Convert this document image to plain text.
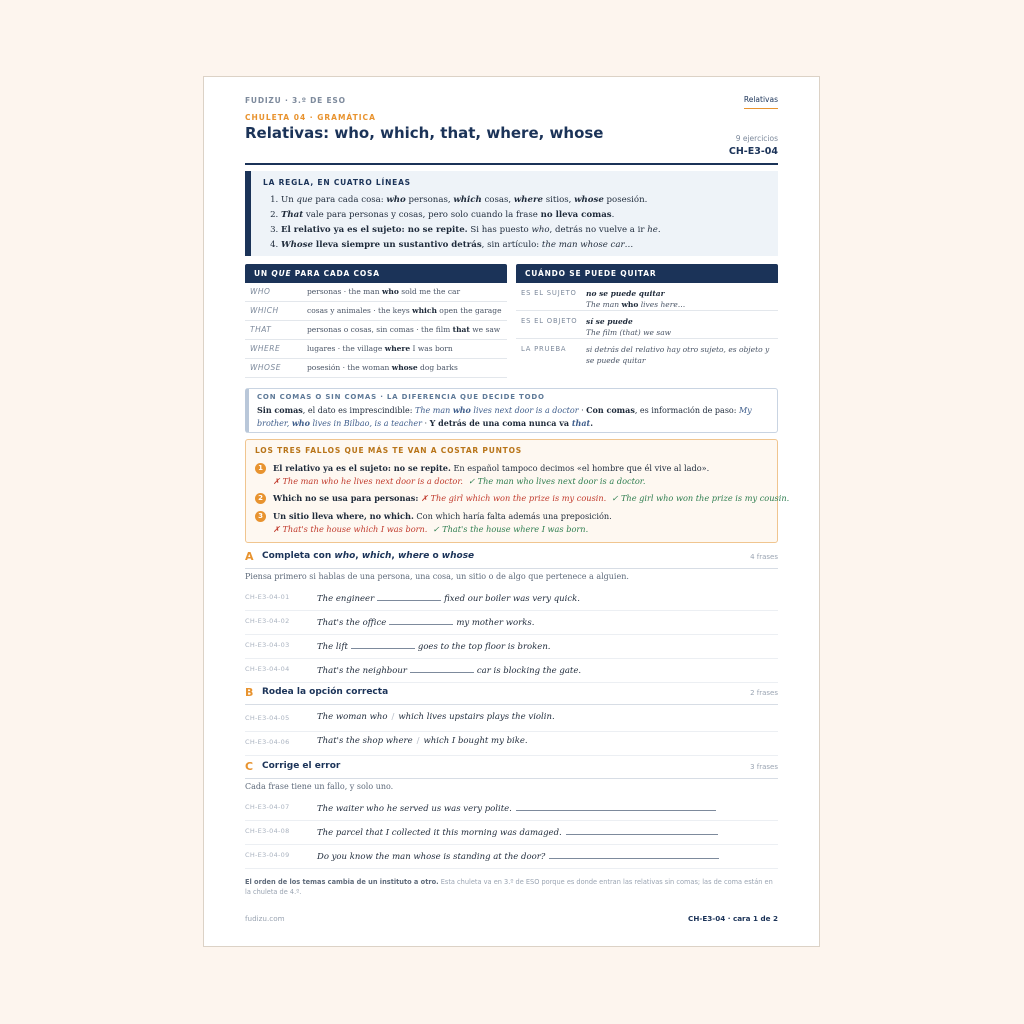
FUDIZU · 3.º DE ESO	Relativas
CHULETA 04 · GRAMÁTICA
Relativas: who, which, that, where, whose	9 ejercicios
CH-E3-04
LA REGLA, EN CUATRO LÍNEAS
1. Un que para cada cosa: who personas, which cosas, where sitios, whose posesión.
2. That vale para personas y cosas, pero solo cuando la frase no lleva comas.
3. El relativo ya es el sujeto: no se repite. Si has puesto who, detrás no vuelve a ir he.
4. Whose lleva siempre un sustantivo detrás, sin artículo: the man whose car…
UN QUE PARA CADA COSA
WHO	personas · the man who sold me the car
WHICH	cosas y animales · the keys which open the garage
THAT	personas o cosas, sin comas · the film that we saw
WHERE	lugares · the village where I was born
WHOSE	posesión · the woman whose dog barks
CUÁNDO SE PUEDE QUITAR
ES EL SUJETO	no se puede quitar
The man who lives here…
ES EL OBJETO	sí se puede
The film (that) we saw
LA PRUEBA	si detrás del relativo hay otro sujeto, es objeto y se puede quitar
CON COMAS O SIN COMAS · LA DIFERENCIA QUE DECIDE TODO
Sin comas, el dato es imprescindible: The man who lives next door is a doctor · Con comas, es información de paso: My brother, who lives in Bilbao, is a teacher · Y detrás de una coma nunca va that.
LOS TRES FALLOS QUE MÁS TE VAN A COSTAR PUNTOS
1	El relativo ya es el sujeto: no se repite. En español tampoco decimos «el hombre que él vive al lado».
✗ The man who he lives next door is a doctor. ✓ The man who lives next door is a doctor.
2	Which no se usa para personas: ✗ The girl which won the prize is my cousin. ✓ The girl who won the prize is my cousin.
3	Un sitio lleva where, no which. Con which haría falta además una preposición.
✗ That's the house which I was born. ✓ That's the house where I was born.
A Completa con who, which, where o whose	4 frases
Piensa primero si hablas de una persona, una cosa, un sitio o de algo que pertenece a alguien.
CH-E3-04-01	The engineer	fixed our boiler was very quick.
CH-E3-04-02	That's the office	my mother works.
CH-E3-04-03	The lift	goes to the top floor is broken.
CH-E3-04-04	That's the neighbour	car is blocking the gate.
B Rodea la opción correcta	2 frases
CH-E3-04-05	The woman who / which lives upstairs plays the violin.
CH-E3-04-06	That's the shop where / which I bought my bike.
C Corrige el error	3 frases
Cada frase tiene un fallo, y solo uno.
CH-E3-04-07	The waiter who he served us was very polite.
CH-E3-04-08	The parcel that I collected it this morning was damaged.
CH-E3-04-09	Do you know the man whose is standing at the door?
El orden de los temas cambia de un instituto a otro. Esta chuleta va en 3.º de ESO porque es donde entran las relativas sin comas; las de coma están en la chuleta de 4.º.
fudizu.com	CH-E3-04 · cara 1 de 2
